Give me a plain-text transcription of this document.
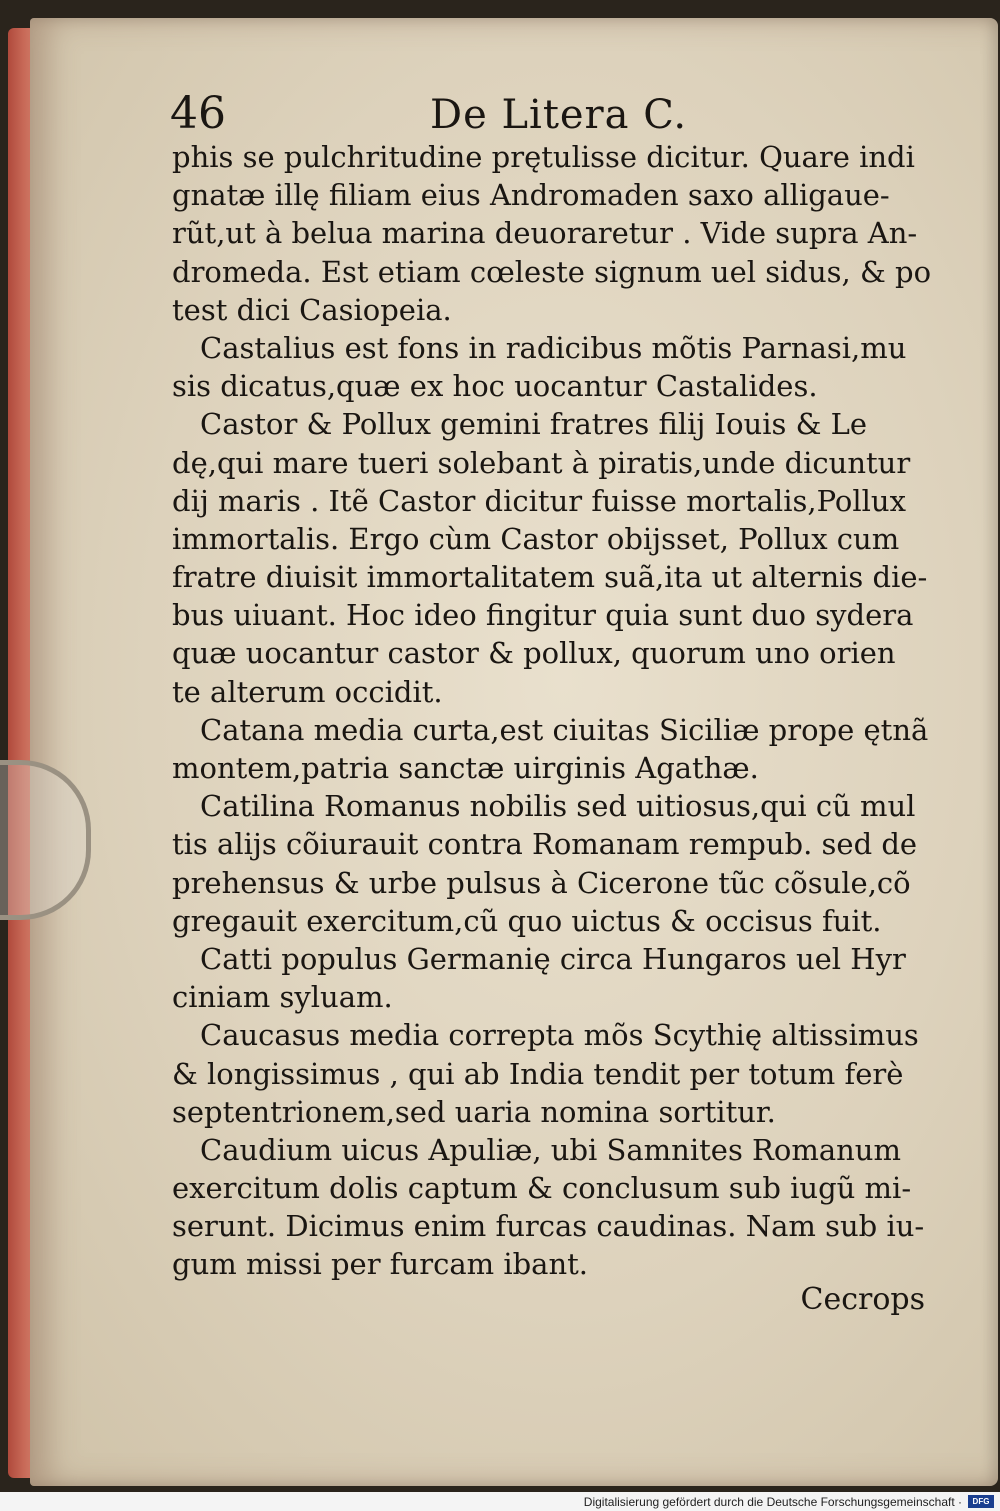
46	De Litera C.
phis se pulchritudine prętulisse dicitur. Quare indi
gnatæ illę filiam eius Andromaden saxo alligaue-
rũt,ut à belua marina deuoraretur . Vide supra An-
dromeda. Est etiam cœleste signum uel sidus, & po
test dici Casiopeia.
Castalius est fons in radicibus mõtis Parnasi,mu
sis dicatus,quæ ex hoc uocantur Castalides.
Castor & Pollux gemini fratres filij Iouis & Le
dę,qui mare tueri solebant à piratis,unde dicuntur
dij maris . Itẽ Castor dicitur fuisse mortalis,Pollux
immortalis. Ergo cùm Castor obijsset, Pollux cum
fratre diuisit immortalitatem suã,ita ut alternis die-
bus uiuant. Hoc ideo fingitur quia sunt duo sydera
quæ uocantur castor & pollux, quorum uno orien
te alterum occidit.
Catana media curta,est ciuitas Siciliæ prope ętnã
montem,patria sanctæ uirginis Agathæ.
Catilina Romanus nobilis sed uitiosus,qui cũ mul
tis alijs cõiurauit contra Romanam rempub. sed de
prehensus & urbe pulsus à Cicerone tũc cõsule,cõ
gregauit exercitum,cũ quo uictus & occisus fuit.
Catti populus Germanię circa Hungaros uel Hyr
ciniam syluam.
Caucasus media correpta mõs Scythię altissimus
& longissimus , qui ab India tendit per totum ferè
septentrionem,sed uaria nomina sortitur.
Caudium uicus Apuliæ, ubi Samnites Romanum
exercitum dolis captum & conclusum sub iugũ mi-
serunt. Dicimus enim furcas caudinas. Nam sub iu-
gum missi per furcam ibant.
Cecrops
Digitalisierung gefördert durch die Deutsche Forschungsgemeinschaft ·	DFG
